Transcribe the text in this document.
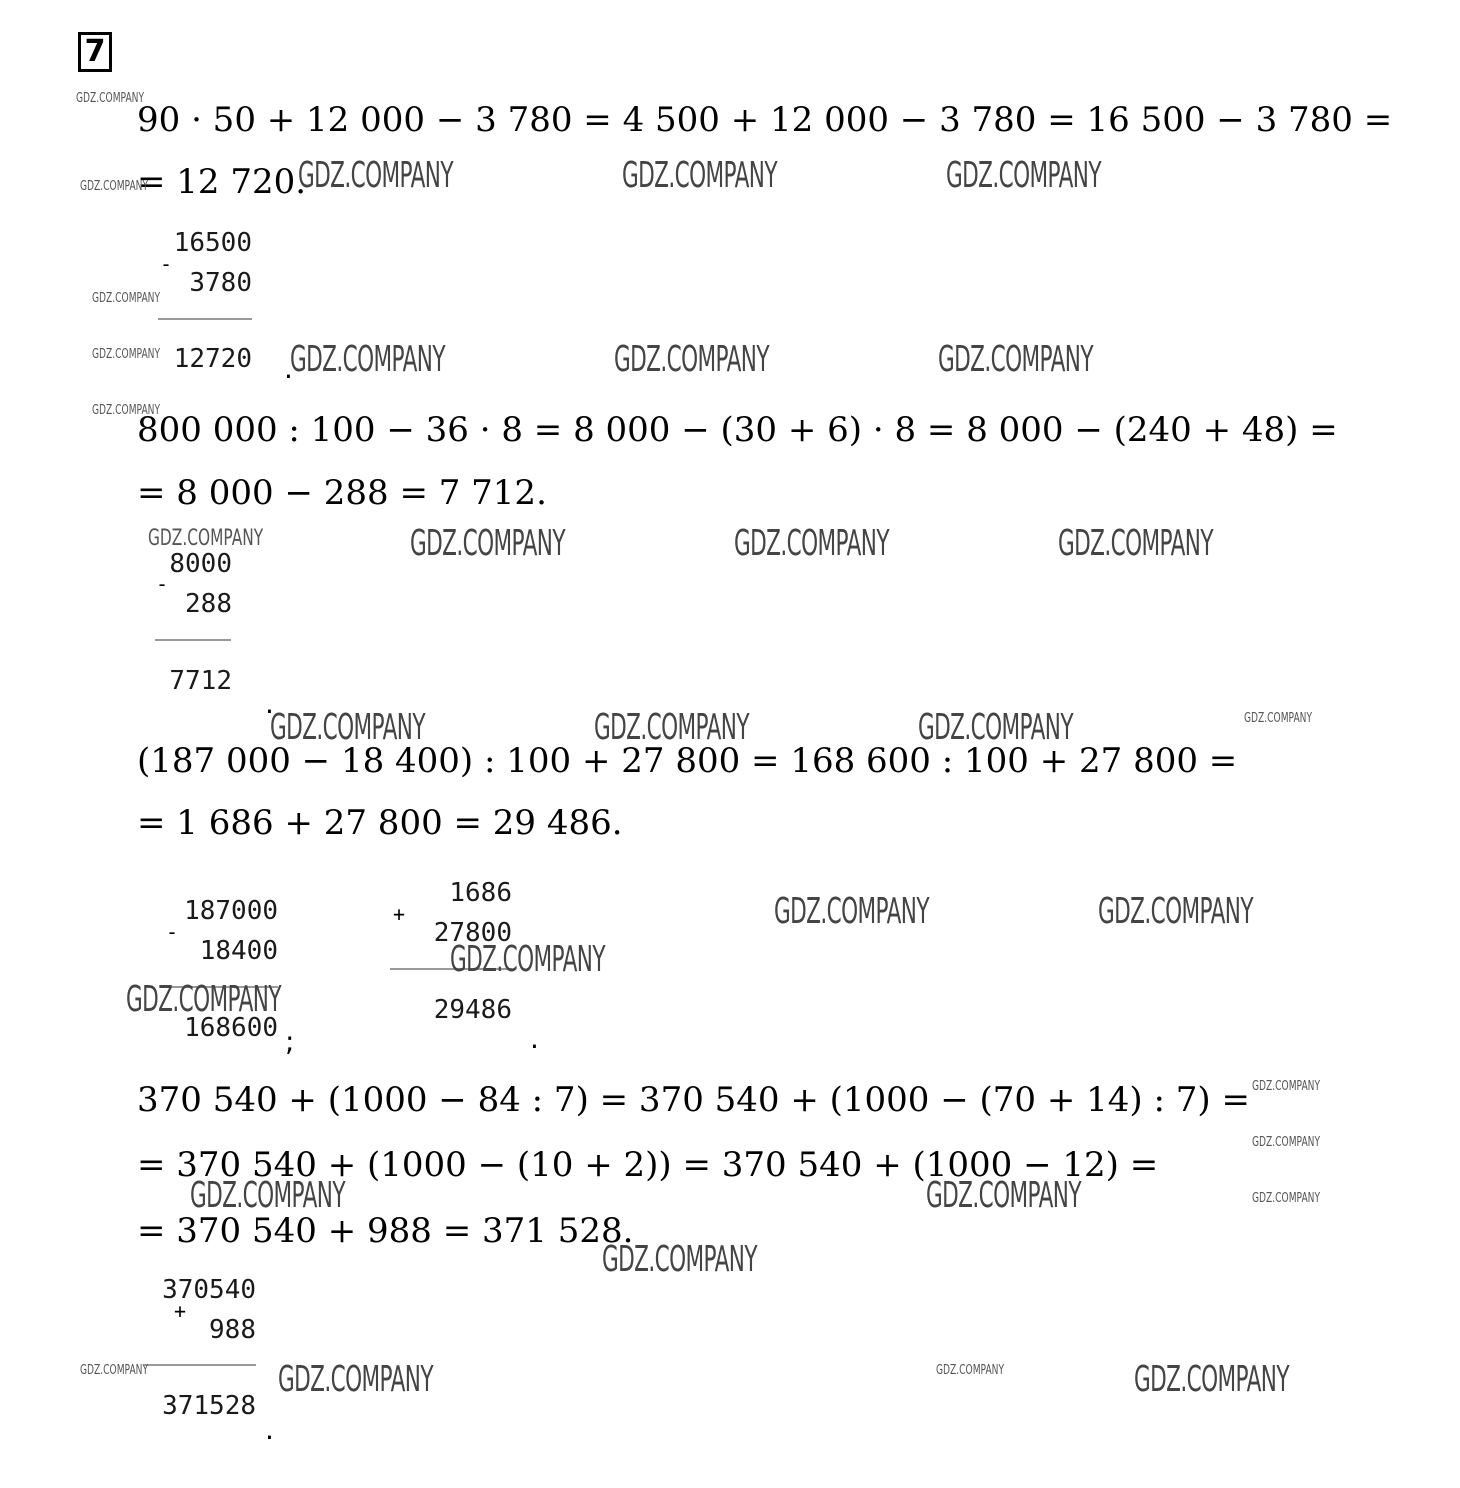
7
90 · 50 + 12 000 − 3 780 = 4 500 + 12 000 − 3 780 = 16 500 − 3 780 =
= 12 720.
16500
-
3780
12720 .
800 000 : 100 − 36 · 8 = 8 000 − (30 + 6) · 8 = 8 000 − (240 + 48) =
= 8 000 − 288 = 7 712.
8000
-
288
7712
.
(187 000 − 18 400) : 100 + 27 800 = 168 600 : 100 + 27 800 =
= 1 686 + 27 800 = 29 486.
187000
-
18400
168600 ;
1686
+
27800
29486
.
370 540 + (1000 − 84 : 7) = 370 540 + (1000 − (70 + 14) : 7) =
= 370 540 + (1000 − (10 + 2)) = 370 540 + (1000 − 12) =
= 370 540 + 988 = 371 528.
370540
+
988
371528
.
GDZ.COMPANY	GDZ.COMPANY	GDZ.COMPANY
GDZ.COMPANY	GDZ.COMPANY	GDZ.COMPANY
GDZ.COMPANY	GDZ.COMPANY	GDZ.COMPANY
GDZ.COMPANY	GDZ.COMPANY	GDZ.COMPANY
GDZ.COMPANY	GDZ.COMPANY
GDZ.COMPANY
GDZ.COMPANY
GDZ.COMPANY	GDZ.COMPANY
GDZ.COMPANY
GDZ.COMPANY	GDZ.COMPANY
GDZ.COMPANY
GDZ.COMPANY
GDZ.COMPANY
GDZ.COMPANY
GDZ.COMPANY
GDZ.COMPANY
GDZ.COMPANY
GDZ.COMPANY
GDZ.COMPANY
GDZ.COMPANY
GDZ.COMPANY	GDZ.COMPANY
